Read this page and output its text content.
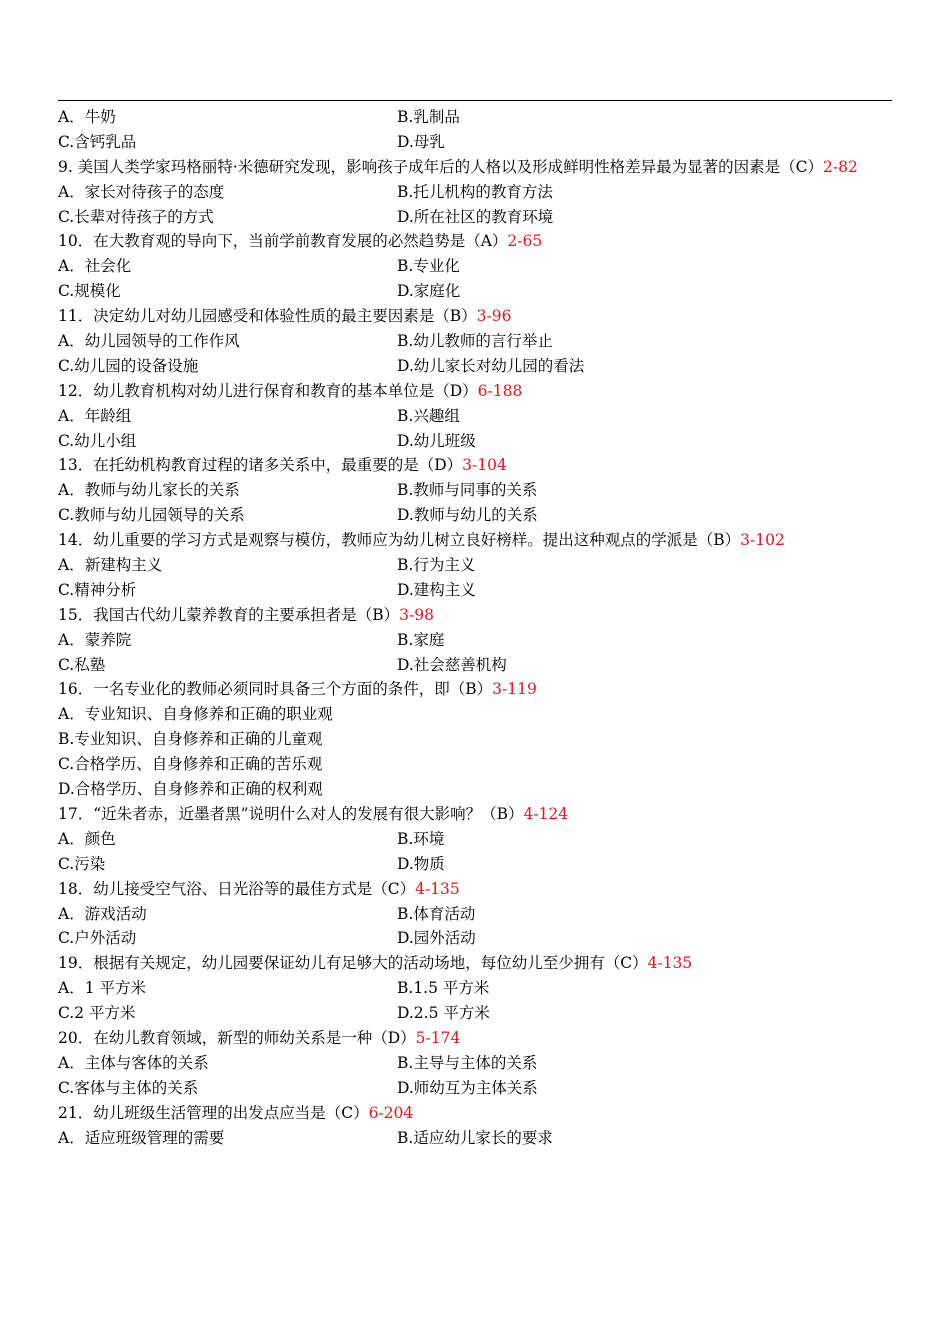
A．牛奶	B.乳制品
C.含钙乳品	D.母乳
9. 美国人类学家玛格丽特·米德研究发现，影响孩子成年后的人格以及形成鲜明性格差异最为显著的因素是（C）2-82
A．家长对待孩子的态度	B.托儿机构的教育方法
C.长辈对待孩子的方式	D.所在社区的教育环境
10．在大教育观的导向下，当前学前教育发展的必然趋势是（A）2-65
A．社会化	B.专业化
C.规模化	D.家庭化
11．决定幼儿对幼儿园感受和体验性质的最主要因素是（B）3-96
A．幼儿园领导的工作作风	B.幼儿教师的言行举止
C.幼儿园的设备设施	D.幼儿家长对幼儿园的看法
12．幼儿教育机构对幼儿进行保育和教育的基本单位是（D）6-188
A．年龄组	B.兴趣组
C.幼儿小组	D.幼儿班级
13．在托幼机构教育过程的诸多关系中，最重要的是（D）3-104
A．教师与幼儿家长的关系	B.教师与同事的关系
C.教师与幼儿园领导的关系	D.教师与幼儿的关系
14．幼儿重要的学习方式是观察与模仿，教师应为幼儿树立良好榜样。提出这种观点的学派是（B）3-102
A．新建构主义	B.行为主义
C.精神分析	D.建构主义
15．我国古代幼儿蒙养教育的主要承担者是（B）3-98
A．蒙养院	B.家庭
C.私塾	D.社会慈善机构
16．一名专业化的教师必须同时具备三个方面的条件，即（B）3-119
A．专业知识、自身修养和正确的职业观
B.专业知识、自身修养和正确的儿童观
C.合格学历、自身修养和正确的苦乐观
D.合格学历、自身修养和正确的权利观
17．“近朱者赤，近墨者黑”说明什么对人的发展有很大影响？（B）4-124
A．颜色	B.环境
C.污染	D.物质
18．幼儿接受空气浴、日光浴等的最佳方式是（C）4-135
A．游戏活动	B.体育活动
C.户外活动	D.园外活动
19．根据有关规定，幼儿园要保证幼儿有足够大的活动场地，每位幼儿至少拥有（C）4-135
A．1 平方米	B.1.5 平方米
C.2 平方米	D.2.5 平方米
20．在幼儿教育领域，新型的师幼关系是一种（D）5-174
A．主体与客体的关系	B.主导与主体的关系
C.客体与主体的关系	D.师幼互为主体关系
21．幼儿班级生活管理的出发点应当是（C）6-204
A．适应班级管理的需要	B.适应幼儿家长的要求
